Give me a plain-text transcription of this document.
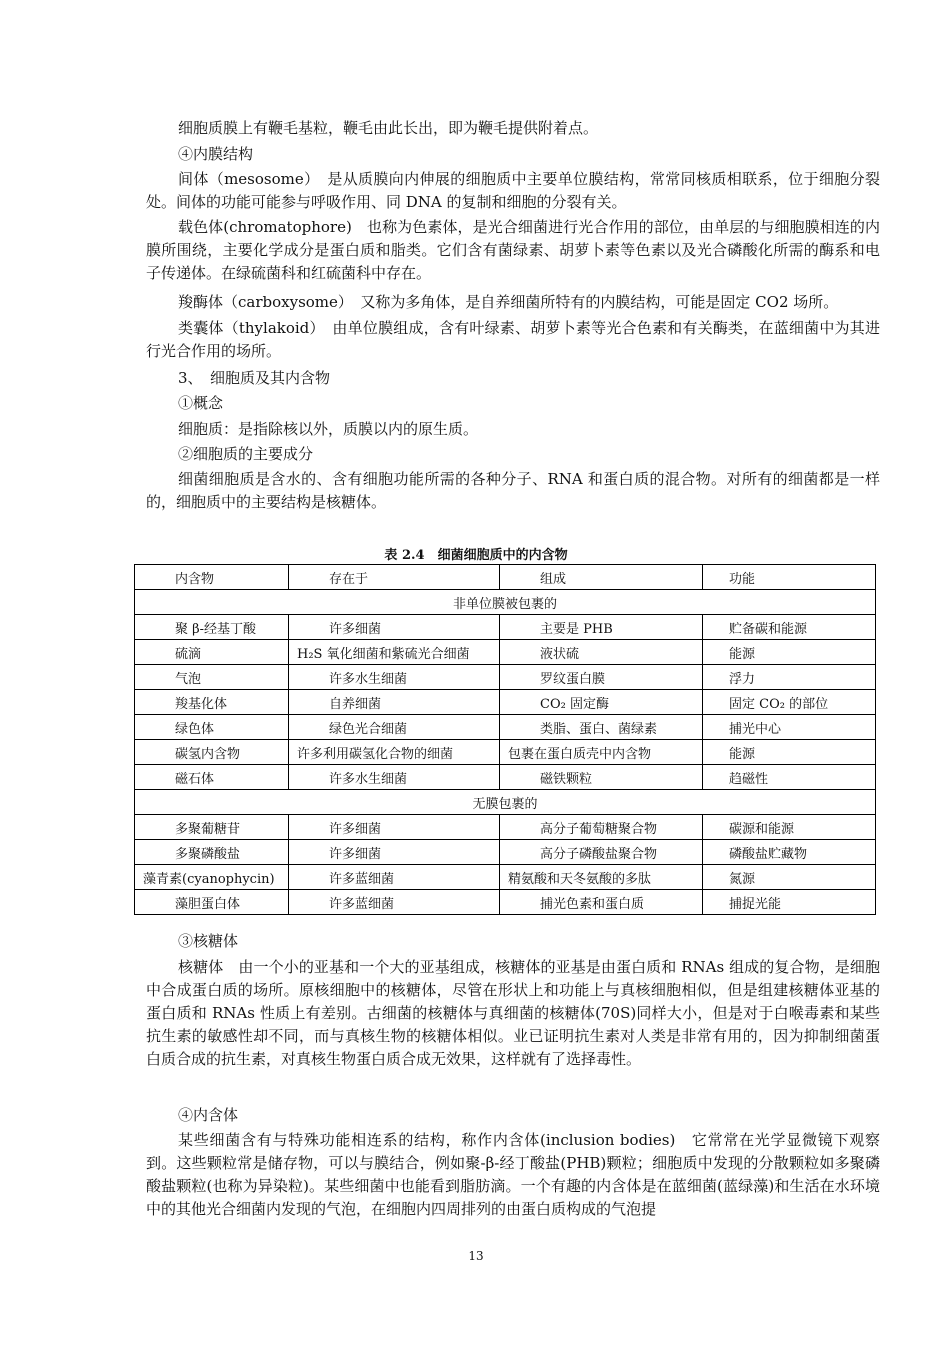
细胞质膜上有鞭毛基粒，鞭毛由此长出，即为鞭毛提供附着点。

④内膜结构

间体（mesosome）　是从质膜向内伸展的细胞质中主要单位膜结构，常常同核质相联系，位于细胞分裂处。间体的功能可能参与呼吸作用、同 DNA 的复制和细胞的分裂有关。

载色体(chromatophore)　也称为色素体，是光合细菌进行光合作用的部位，由单层的与细胞膜相连的内膜所围绕，主要化学成分是蛋白质和脂类。它们含有菌绿素、胡萝卜素等色素以及光合磷酸化所需的酶系和电子传递体。在绿硫菌科和红硫菌科中存在。

羧酶体（carboxysome）　又称为多角体，是自养细菌所特有的内膜结构，可能是固定 CO2 场所。

类囊体（thylakoid）　由单位膜组成，含有叶绿素、胡萝卜素等光合色素和有关酶类，在蓝细菌中为其进行光合作用的场所。

3、　细胞质及其内含物

①概念

细胞质：是指除核以外，质膜以内的原生质。

②细胞质的主要成分

细菌细胞质是含水的、含有细胞功能所需的各种分子、RNA 和蛋白质的混合物。对所有的细菌都是一样的，细胞质中的主要结构是核糖体。

表 2.4　细菌细胞质中的内含物

内含物	存在于	组成	功能
非单位膜被包裹的			
聚 β-经基丁酸	许多细菌	主要是 PHB	贮备碳和能源
硫滴	H₂S 氧化细菌和紫硫光合细菌	液状硫	能源
气泡	许多水生细菌	罗纹蛋白膜	浮力
羧基化体	自养细菌	CO₂ 固定酶	固定 CO₂ 的部位
绿色体	绿色光合细菌	类脂、蛋白、菌绿素	捕光中心
碳氢内含物	许多利用碳氢化合物的细菌	包裹在蛋白质壳中内含物	能源
磁石体	许多水生细菌	磁铁颗粒	趋磁性
无膜包裹的			
多聚葡糖苷	许多细菌	高分子葡萄糖聚合物	碳源和能源
多聚磷酸盐	许多细菌	高分子磷酸盐聚合物	磷酸盐贮藏物
藻青素(cyanophycin)	许多蓝细菌	精氨酸和天冬氨酸的多肽	氮源
藻胆蛋白体	许多蓝细菌	捕光色素和蛋白质	捕捉光能

③核糖体

核糖体　由一个小的亚基和一个大的亚基组成，核糖体的亚基是由蛋白质和 RNAs 组成的复合物，是细胞中合成蛋白质的场所。原核细胞中的核糖体，尽管在形状上和功能上与真核细胞相似，但是组建核糖体亚基的蛋白质和 RNAs 性质上有差别。古细菌的核糖体与真细菌的核糖体(70S)同样大小，但是对于白喉毒素和某些抗生素的敏感性却不同，而与真核生物的核糖体相似。业已证明抗生素对人类是非常有用的，因为抑制细菌蛋白质合成的抗生素，对真核生物蛋白质合成无效果，这样就有了选择毒性。

④内含体

某些细菌含有与特殊功能相连系的结构，称作内含体(inclusion bodies)　它常常在光学显微镜下观察到。这些颗粒常是储存物，可以与膜结合，例如聚-β-经丁酸盐(PHB)颗粒；细胞质中发现的分散颗粒如多聚磷酸盐颗粒(也称为异染粒)。某些细菌中也能看到脂肪滴。一个有趣的内含体是在蓝细菌(蓝绿藻)和生活在水环境中的其他光合细菌内发现的气泡，在细胞内四周排列的由蛋白质构成的气泡提

13
